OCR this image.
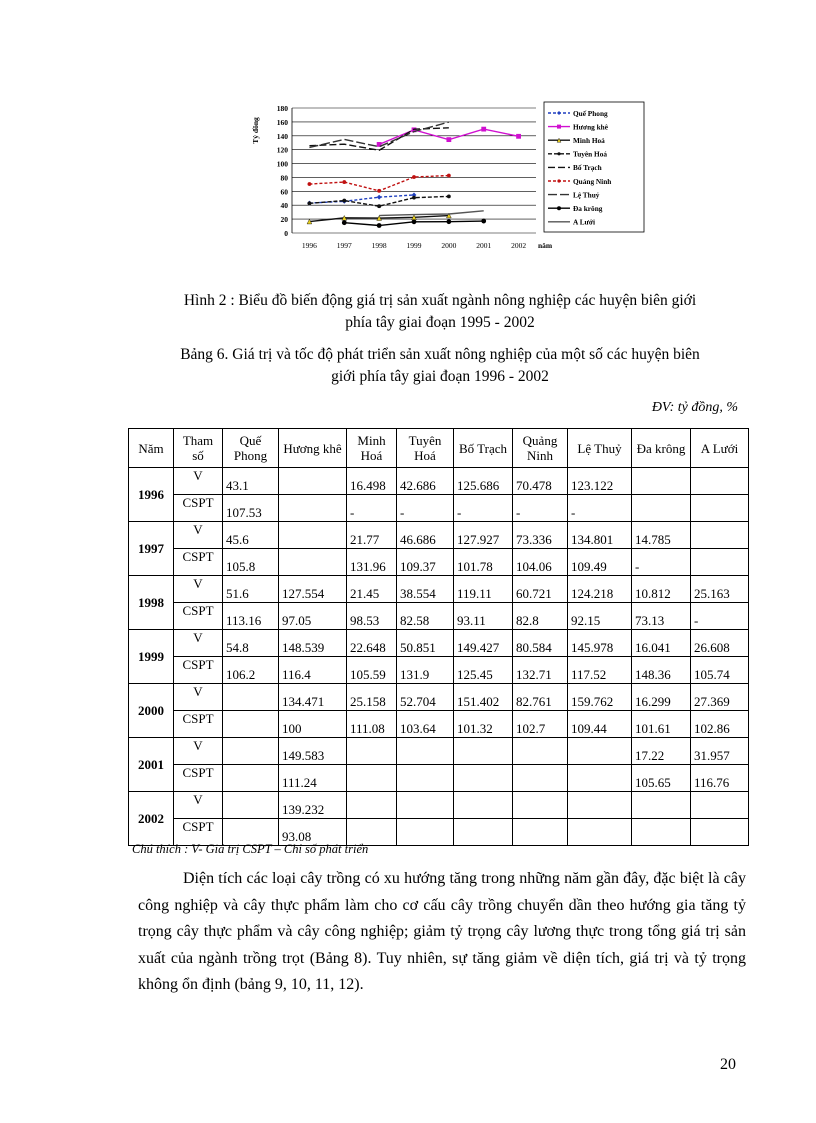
0
20
40
60
80
100
120
140
160
180
1996	1997	1998	1999	2000	2001	2002 năm
Tỷ đồng
Quế Phong
Hương khê
Minh Hoá
Tuyên Hoá
Bố Trạch
Quảng Ninh
Lệ Thuỷ
Đa krông
A Lưới
Hình 2 : Biểu đồ biến động giá trị sản xuất ngành nông nghiệp các huyện biên giới
phía tây giai đoạn 1995 - 2002
Bảng 6. Giá trị và tốc độ phát triển sản xuất nông nghiệp của một số các huyện biên
giới phía tây giai đoạn 1996 - 2002
ĐV: tỷ đồng, %
Năm	Tham số	Quế Phong	Hương khê	Minh Hoá	Tuyên Hoá	Bố Trạch	Quảng Ninh	Lệ Thuỷ	Đa krông	A Lưới
1996	V	43.1		16.498	42.686	125.686	70.478	123.122		
	CSPT	107.53		-	-	-	-	-		
1997	V	45.6		21.77	46.686	127.927	73.336	134.801	14.785	
	CSPT	105.8		131.96	109.37	101.78	104.06	109.49	-	
1998	V	51.6	127.554	21.45	38.554	119.11	60.721	124.218	10.812	25.163
	CSPT	113.16	97.05	98.53	82.58	93.11	82.8	92.15	73.13	-
1999	V	54.8	148.539	22.648	50.851	149.427	80.584	145.978	16.041	26.608
	CSPT	106.2	116.4	105.59	131.9	125.45	132.71	117.52	148.36	105.74
2000	V		134.471	25.158	52.704	151.402	82.761	159.762	16.299	27.369
	CSPT		100	111.08	103.64	101.32	102.7	109.44	101.61	102.86
2001	V		149.583						17.22	31.957
	CSPT		111.24						105.65	116.76
2002	V		139.232							
	CSPT		93.08							
Chú thích : V- Giá trị CSPT – Chỉ số phát triển

Diện tích các loại cây trồng có xu hướng tăng trong những năm gần đây, đặc biệt là cây công nghiệp và cây thực phẩm làm cho cơ cấu cây trồng chuyển dần theo hướng gia tăng tỷ trọng cây thực phẩm và cây công nghiệp; giảm tỷ trọng cây lương thực trong tổng giá trị sản xuất của ngành trồng trọt (Bảng 8). Tuy nhiên, sự tăng giảm về diện tích, giá trị và tỷ trọng không ổn định (bảng 9, 10, 11, 12).

20
